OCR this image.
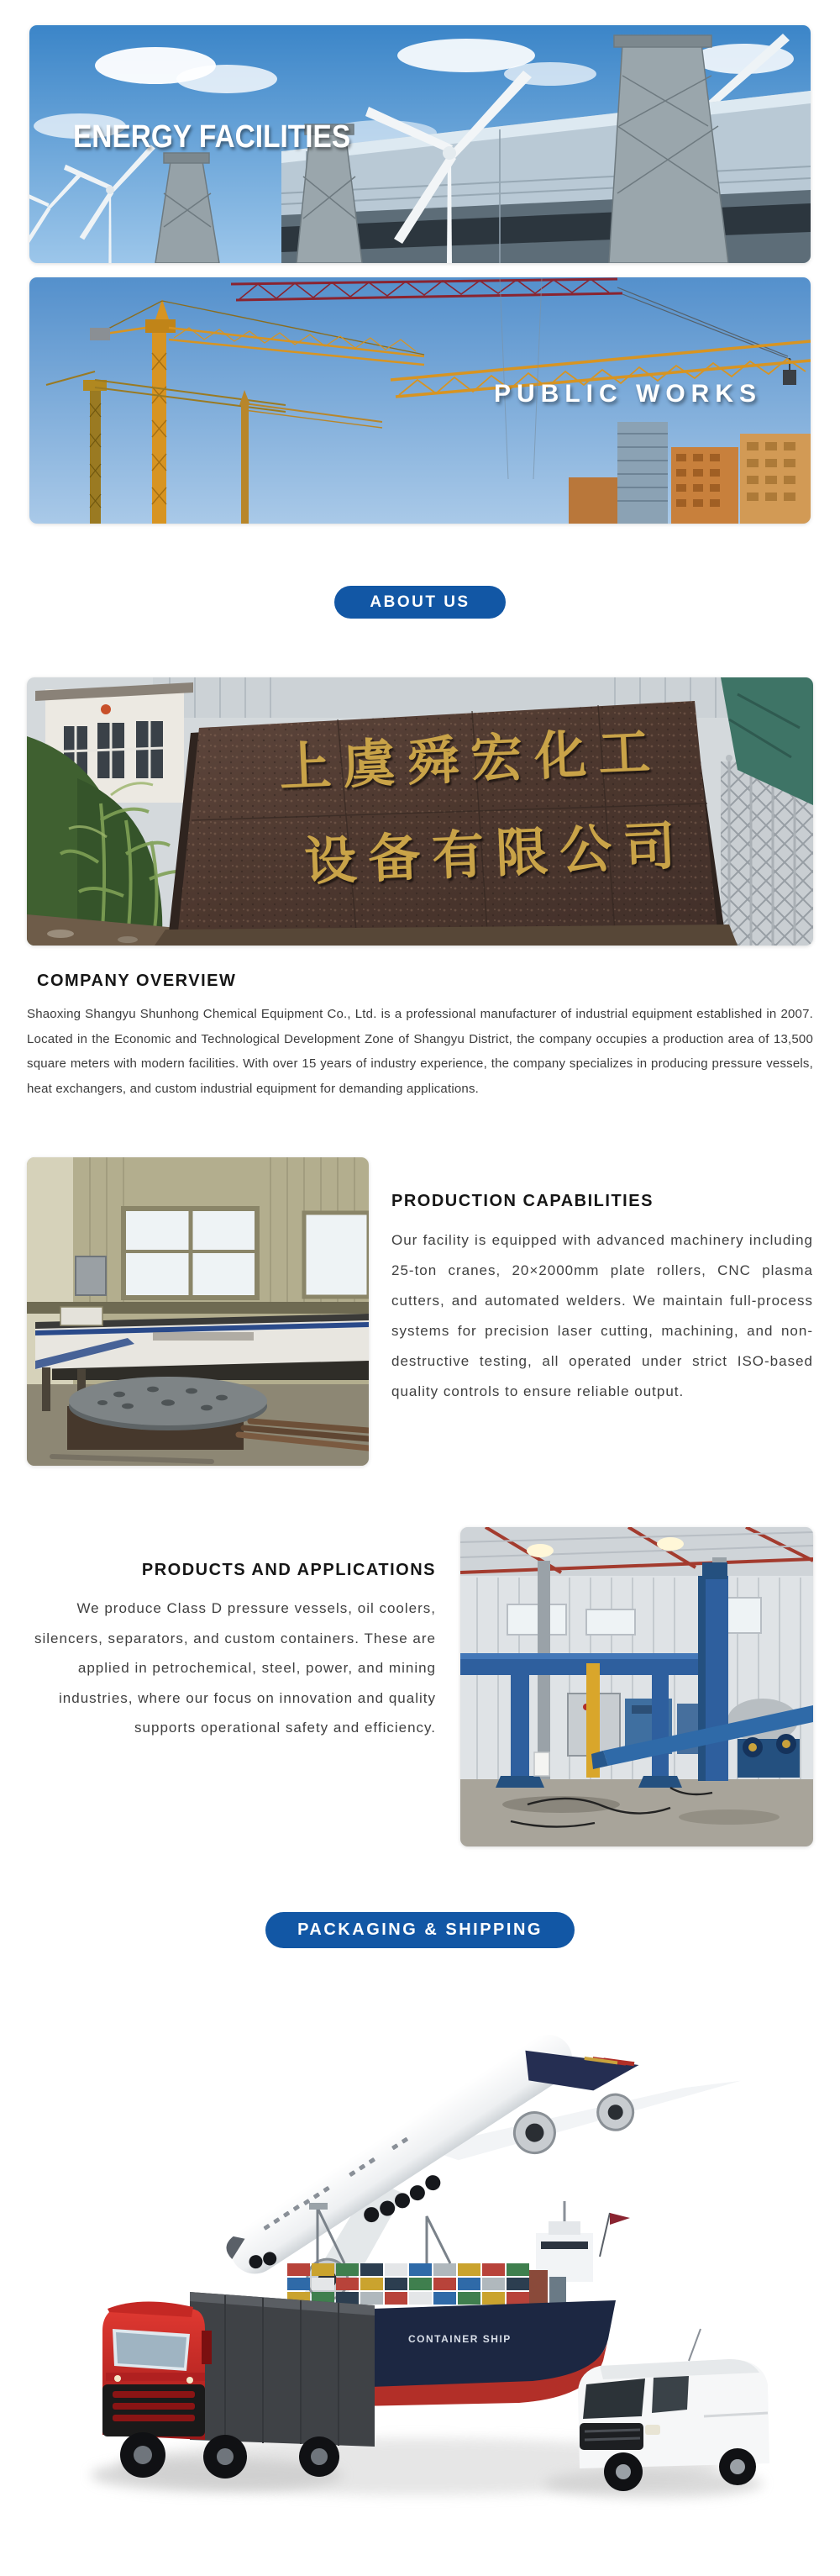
ENERGY FACILITIES
PUBLIC WORKS
ABOUT US
上虞舜宏化工
设备有限公司
COMPANY OVERVIEW

Shaoxing Shangyu Shunhong Chemical Equipment Co., Ltd. is a professional manufacturer of industrial equipment established in 2007. Located in the Economic and Technological Development Zone of Shangyu District, the company occupies a production area of 13,500 square meters with modern facilities. With over 15 years of industry experience, the company specializes in producing pressure vessels, heat exchangers, and custom industrial equipment for demanding applications.

PRODUCTION CAPABILITIES

Our facility is equipped with advanced machinery including 25-ton cranes, 20×2000mm plate rollers, CNC plasma cutters, and automated welders. We maintain full-process systems for precision laser cutting, machining, and non-destructive testing, all operated under strict ISO-based quality controls to ensure reliable output.

PRODUCTS AND APPLICATIONS

We produce Class D pressure vessels, oil coolers, silencers, separators, and custom containers. These are applied in petrochemical, steel, power, and mining industries, where our focus on innovation and quality supports operational safety and efficiency.

PACKAGING & SHIPPING
CONTAINER SHIP
